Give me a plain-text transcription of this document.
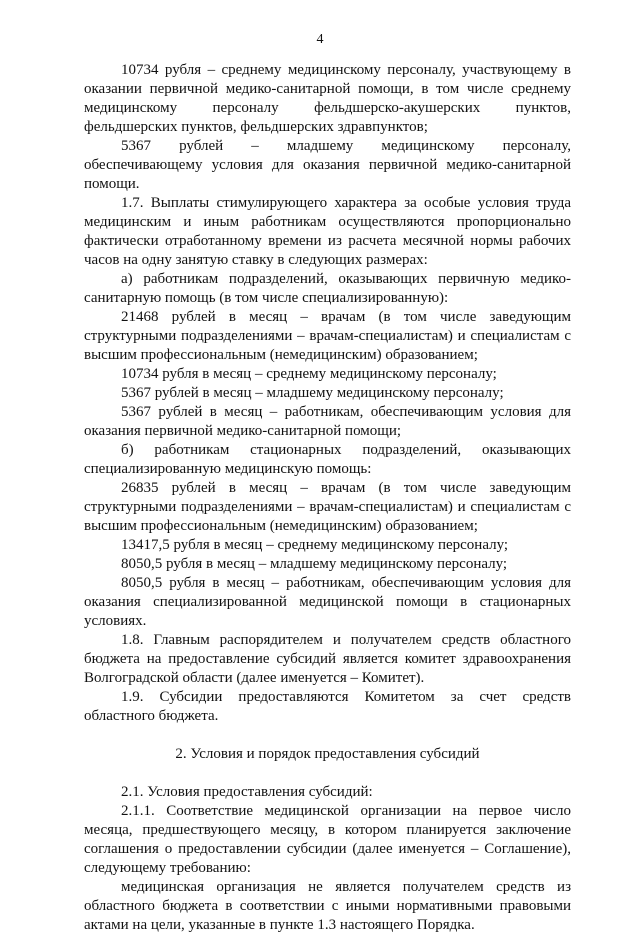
4

10734 рубля – среднему медицинскому персоналу, участвующему в оказании первичной медико-санитарной помощи, в том числе среднему медицинскому персоналу фельдшерско-акушерских пунктов, фельдшерских пунктов, фельдшерских здравпунктов;

5367 рублей – младшему медицинскому персоналу, обеспечивающему условия для оказания первичной медико-санитарной помощи.

1.7. Выплаты стимулирующего характера за особые условия труда медицинским и иным работникам осуществляются пропорционально фактически отработанному времени из расчета месячной нормы рабочих часов на одну занятую ставку в следующих размерах:

а) работникам подразделений, оказывающих первичную медико-санитарную помощь (в том числе специализированную):

21468 рублей в месяц – врачам (в том числе заведующим структурными подразделениями – врачам-специалистам) и специалистам с высшим профессиональным (немедицинским) образованием;

10734 рубля в месяц – среднему медицинскому персоналу;

5367 рублей в месяц – младшему медицинскому персоналу;

5367 рублей в месяц – работникам, обеспечивающим условия для оказания первичной медико-санитарной помощи;

б) работникам стационарных подразделений, оказывающих специализированную медицинскую помощь:

26835 рублей в месяц – врачам (в том числе заведующим структурными подразделениями – врачам-специалистам) и специалистам с высшим профессиональным (немедицинским) образованием;

13417,5 рубля в месяц – среднему медицинскому персоналу;

8050,5 рубля в месяц – младшему медицинскому персоналу;

8050,5 рубля в месяц – работникам, обеспечивающим условия для оказания специализированной медицинской помощи в стационарных условиях.

1.8. Главным распорядителем и получателем средств областного бюджета на предоставление субсидий является комитет здравоохранения Волгоградской области (далее именуется – Комитет).

1.9. Субсидии предоставляются Комитетом за счет средств областного бюджета.

2. Условия и порядок предоставления субсидий

2.1. Условия предоставления субсидий:

2.1.1. Соответствие медицинской организации на первое число месяца, предшествующего месяцу, в котором планируется заключение соглашения о предоставлении субсидии (далее именуется – Соглашение), следующему требованию:

медицинская организация не является получателем средств из областного бюджета в соответствии с иными нормативными правовыми актами на цели, указанные в пункте 1.3 настоящего Порядка.
